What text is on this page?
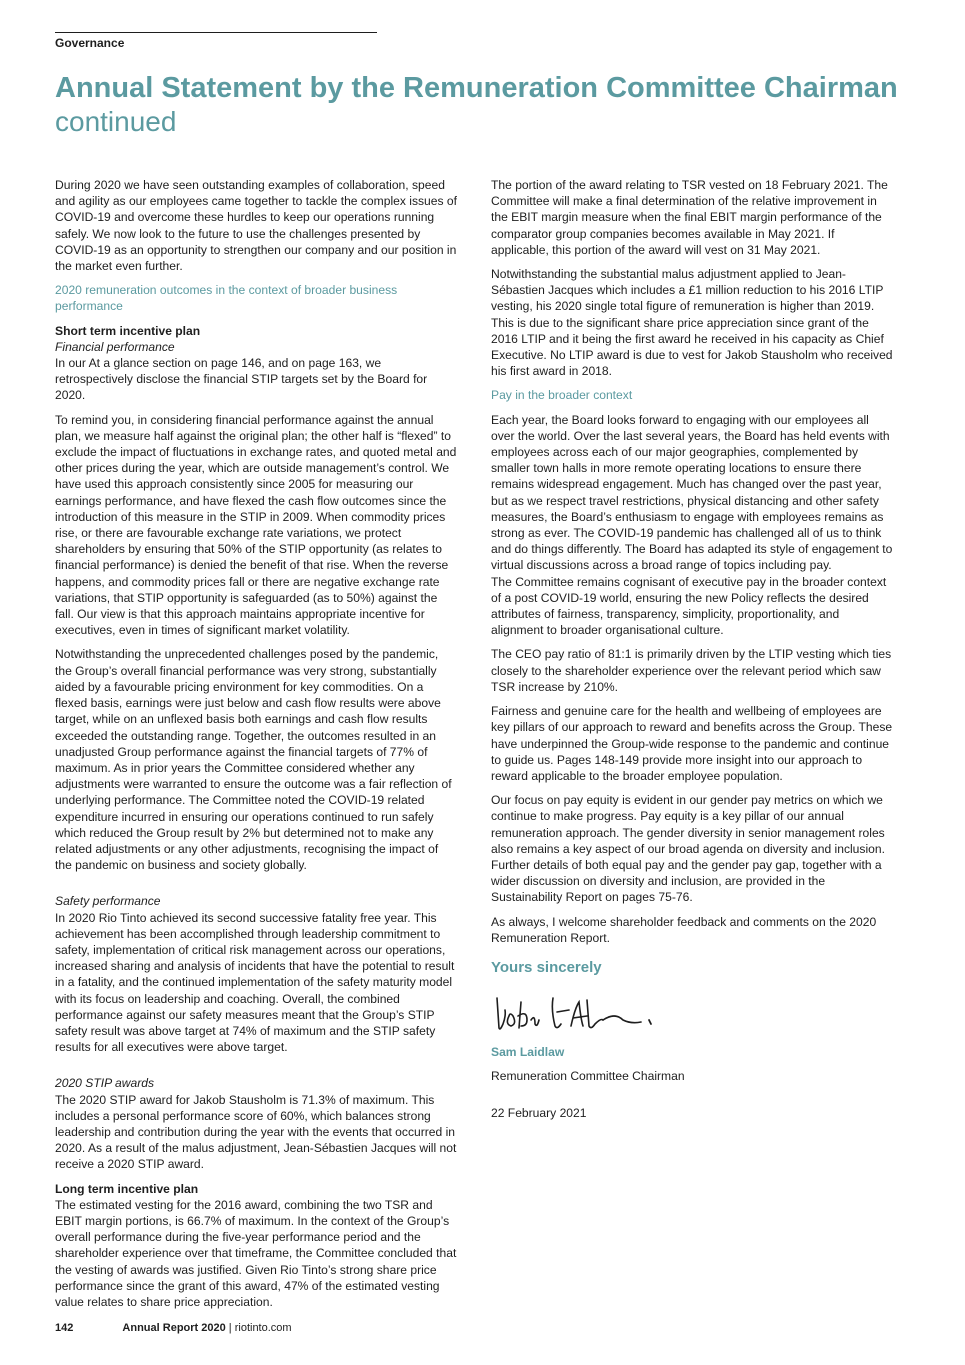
Governance
Annual Statement by the Remuneration Committee Chairman
continued

During 2020 we have seen outstanding examples of collaboration, speed and agility as our employees came together to tackle the complex issues of COVID-19 and overcome these hurdles to keep our operations running safely. We now look to the future to use the challenges presented by COVID-19 as an opportunity to strengthen our company and our position in the market even further.

2020 remuneration outcomes in the context of broader business performance

Short term incentive plan

Financial performance

In our At a glance section on page 146, and on page 163, we retrospectively disclose the financial STIP targets set by the Board for 2020.

To remind you, in considering financial performance against the annual plan, we measure half against the original plan; the other half is “flexed” to exclude the impact of fluctuations in exchange rates, and quoted metal and other prices during the year, which are outside management’s control. We have used this approach consistently since 2005 for measuring our earnings performance, and have flexed the cash flow outcomes since the introduction of this measure in the STIP in 2009. When commodity prices rise, or there are favourable exchange rate variations, we protect shareholders by ensuring that 50% of the STIP opportunity (as relates to financial performance) is denied the benefit of that rise. When the reverse happens, and commodity prices fall or there are negative exchange rate variations, that STIP opportunity is safeguarded (as to 50%) against the fall. Our view is that this approach maintains appropriate incentive for executives, even in times of significant market volatility.

Notwithstanding the unprecedented challenges posed by the pandemic, the Group’s overall financial performance was very strong, substantially aided by a favourable pricing environment for key commodities. On a flexed basis, earnings were just below and cash flow results were above target, while on an unflexed basis both earnings and cash flow results exceeded the outstanding range. Together, the outcomes resulted in an unadjusted Group performance against the financial targets of 77% of maximum. As in prior years the Committee considered whether any adjustments were warranted to ensure the outcome was a fair reflection of underlying performance. The Committee noted the COVID-19 related expenditure incurred in ensuring our operations continued to run safely which reduced the Group result by 2% but determined not to make any related adjustments or any other adjustments, recognising the impact of the pandemic on business and society globally.

Safety performance

In 2020 Rio Tinto achieved its second successive fatality free year. This achievement has been accomplished through leadership commitment to safety, implementation of critical risk management across our operations, increased sharing and analysis of incidents that have the potential to result in a fatality, and the continued implementation of the safety maturity model with its focus on leadership and coaching. Overall, the combined performance against our safety measures meant that the Group’s STIP safety result was above target at 74% of maximum and the STIP safety results for all executives were above target.

2020 STIP awards

The 2020 STIP award for Jakob Stausholm is 71.3% of maximum. This includes a personal performance score of 60%, which balances strong leadership and contribution during the year with the events that occurred in 2020. As a result of the malus adjustment, Jean-Sébastien Jacques will not receive a 2020 STIP award.

Long term incentive plan

The estimated vesting for the 2016 award, combining the two TSR and EBIT margin portions, is 66.7% of maximum. In the context of the Group’s overall performance during the five-year performance period and the shareholder experience over that timeframe, the Committee concluded that the vesting of awards was justified. Given Rio Tinto’s strong share price performance since the grant of this award, 47% of the estimated vesting value relates to share price appreciation.

The portion of the award relating to TSR vested on 18 February 2021. The Committee will make a final determination of the relative improvement in the EBIT margin measure when the final EBIT margin performance of the comparator group companies becomes available in May 2021. If applicable, this portion of the award will vest on 31 May 2021.

Notwithstanding the substantial malus adjustment applied to Jean-Sébastien Jacques which includes a £1 million reduction to his 2016 LTIP vesting, his 2020 single total figure of remuneration is higher than 2019. This is due to the significant share price appreciation since grant of the 2016 LTIP and it being the first award he received in his capacity as Chief Executive. No LTIP award is due to vest for Jakob Stausholm who received his first award in 2018.

Pay in the broader context

Each year, the Board looks forward to engaging with our employees all over the world. Over the last several years, the Board has held events with employees across each of our major geographies, complemented by smaller town halls in more remote operating locations to ensure there remains widespread engagement. Much has changed over the past year, but as we respect travel restrictions, physical distancing and other safety measures, the Board’s enthusiasm to engage with employees remains as strong as ever. The COVID-19 pandemic has challenged all of us to think and do things differently. The Board has adapted its style of engagement to virtual discussions across a broad range of topics including pay.

The Committee remains cognisant of executive pay in the broader context of a post COVID-19 world, ensuring the new Policy reflects the desired attributes of fairness, transparency, simplicity, proportionality, and alignment to broader organisational culture.

The CEO pay ratio of 81:1 is primarily driven by the LTIP vesting which ties closely to the shareholder experience over the relevant period which saw TSR increase by 210%.

Fairness and genuine care for the health and wellbeing of employees are key pillars of our approach to reward and benefits across the Group. These have underpinned the Group-wide response to the pandemic and continue to guide us. Pages 148-149 provide more insight into our approach to reward applicable to the broader employee population.

Our focus on pay equity is evident in our gender pay metrics on which we continue to make progress. Pay equity is a key pillar of our annual remuneration approach. The gender diversity in senior management roles also remains a key aspect of our broad agenda on diversity and inclusion. Further details of both equal pay and the gender pay gap, together with a wider discussion on diversity and inclusion, are provided in the Sustainability Report on pages 75-76.

As always, I welcome shareholder feedback and comments on the 2020 Remuneration Report.

Yours sincerely

Sam Laidlaw

Remuneration Committee Chairman

22 February 2021

142	Annual Report 2020 | riotinto.com
